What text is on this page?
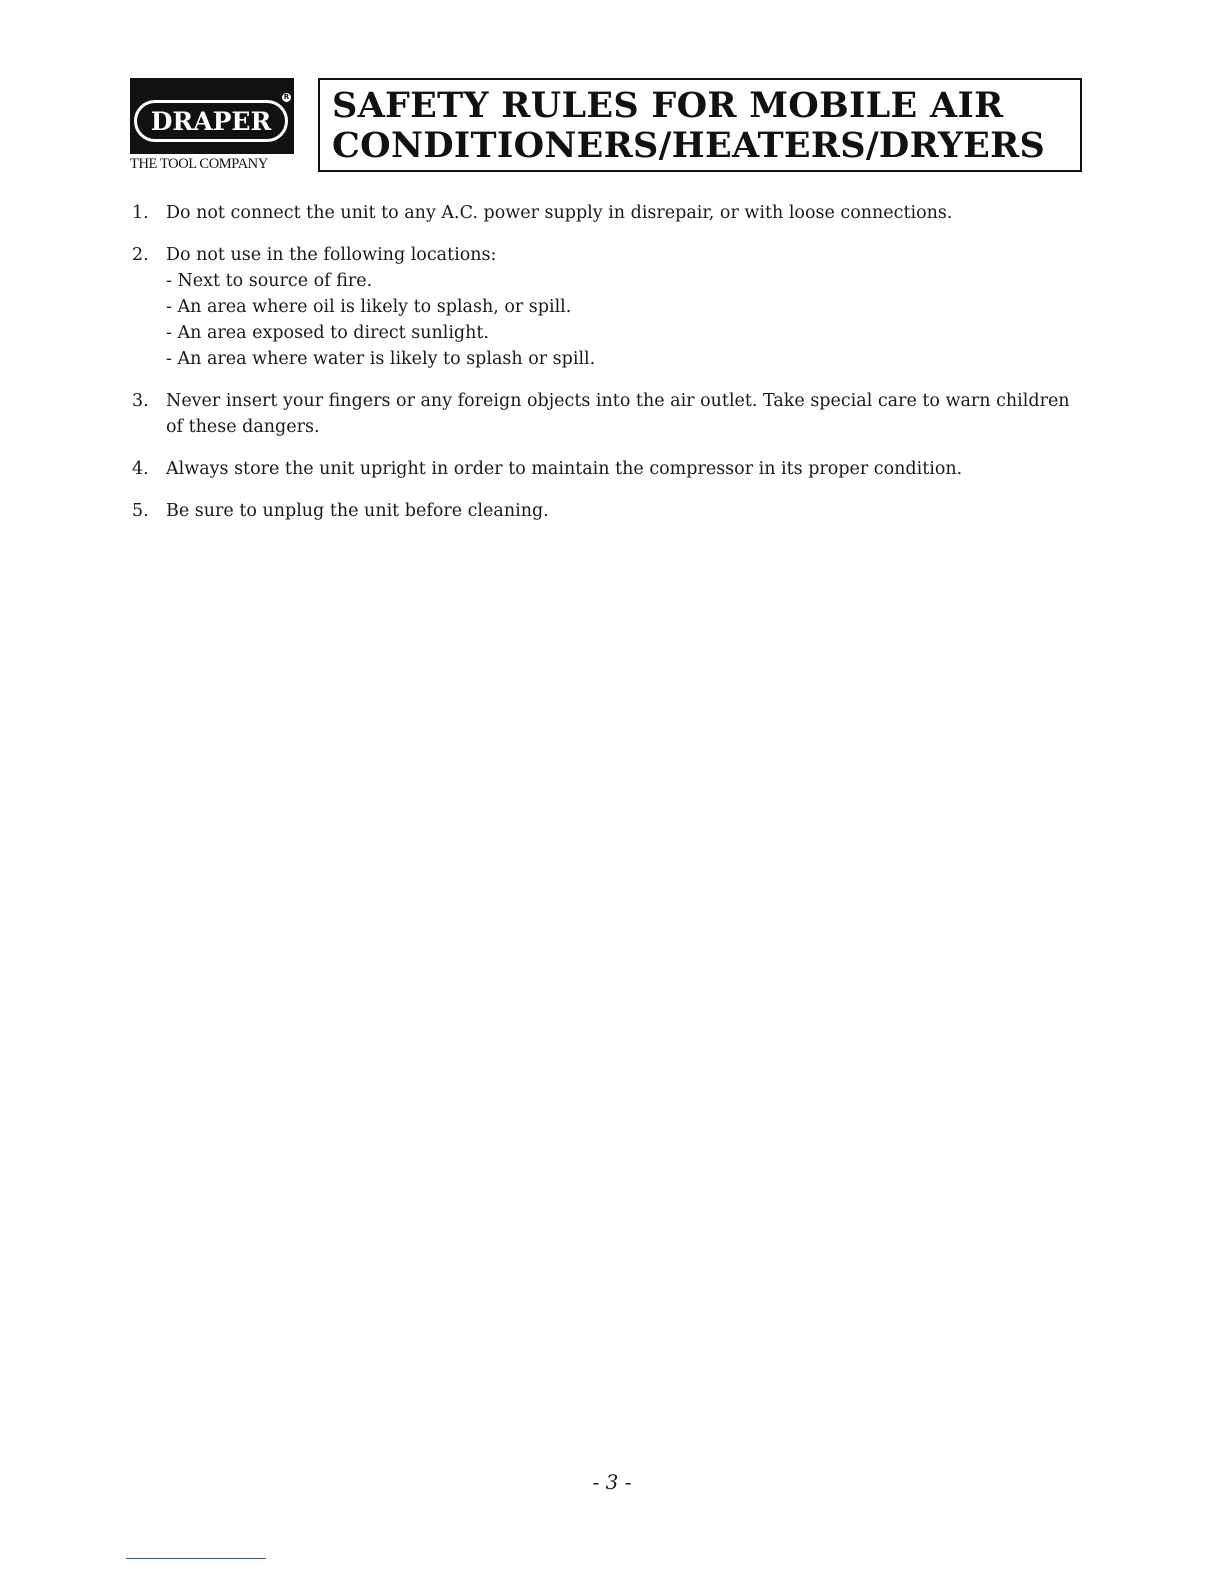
R
DRAPER
THE TOOL COMPANY
SAFETY RULES FOR MOBILE AIR
CONDITIONERS/HEATERS/DRYERS
1. Do not connect the unit to any A.C. power supply in disrepair, or with loose connections.
2. Do not use in the following locations:
- Next to source of fire.
- An area where oil is likely to splash, or spill.
- An area exposed to direct sunlight.
- An area where water is likely to splash or spill.
3. Never insert your fingers or any foreign objects into the air outlet. Take special care to warn children of these dangers.
4. Always store the unit upright in order to maintain the compressor in its proper condition.
5. Be sure to unplug the unit before cleaning.
- 3 -
